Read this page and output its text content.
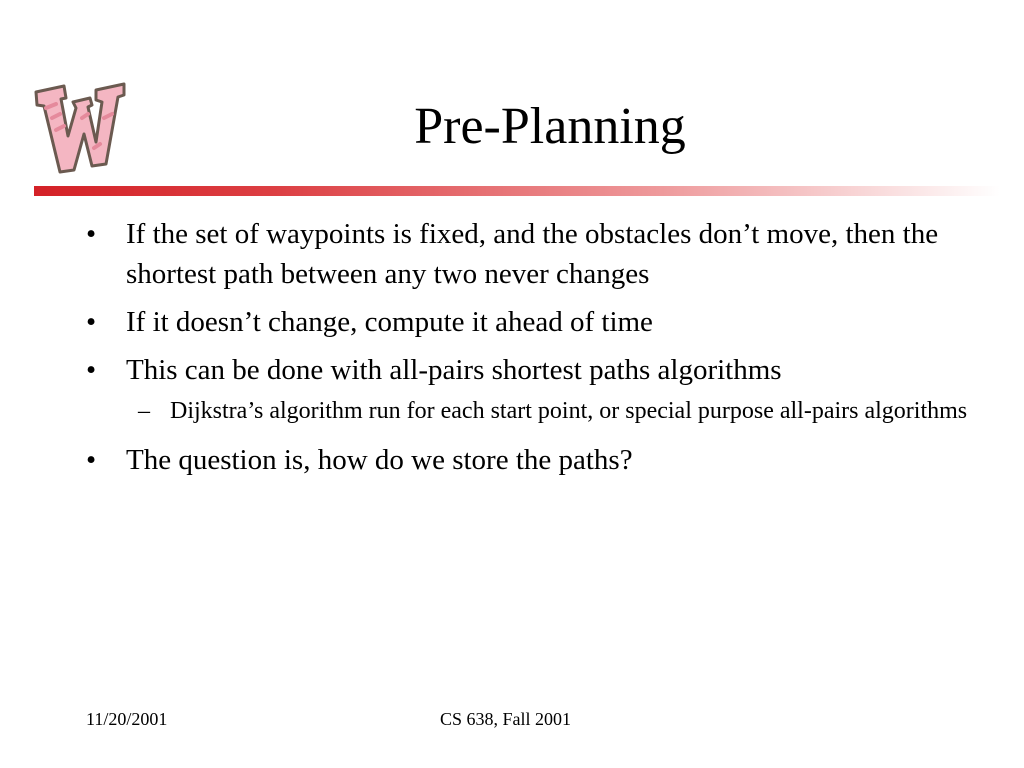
Pre-Planning
• If the set of waypoints is fixed, and the obstacles don’t move, then the shortest path between any two never changes
• If it doesn’t change, compute it ahead of time
• This can be done with all-pairs shortest paths algorithms
– Dijkstra’s algorithm run for each start point, or special purpose all-pairs algorithms
• The question is, how do we store the paths?
11/20/2001	CS 638, Fall 2001
